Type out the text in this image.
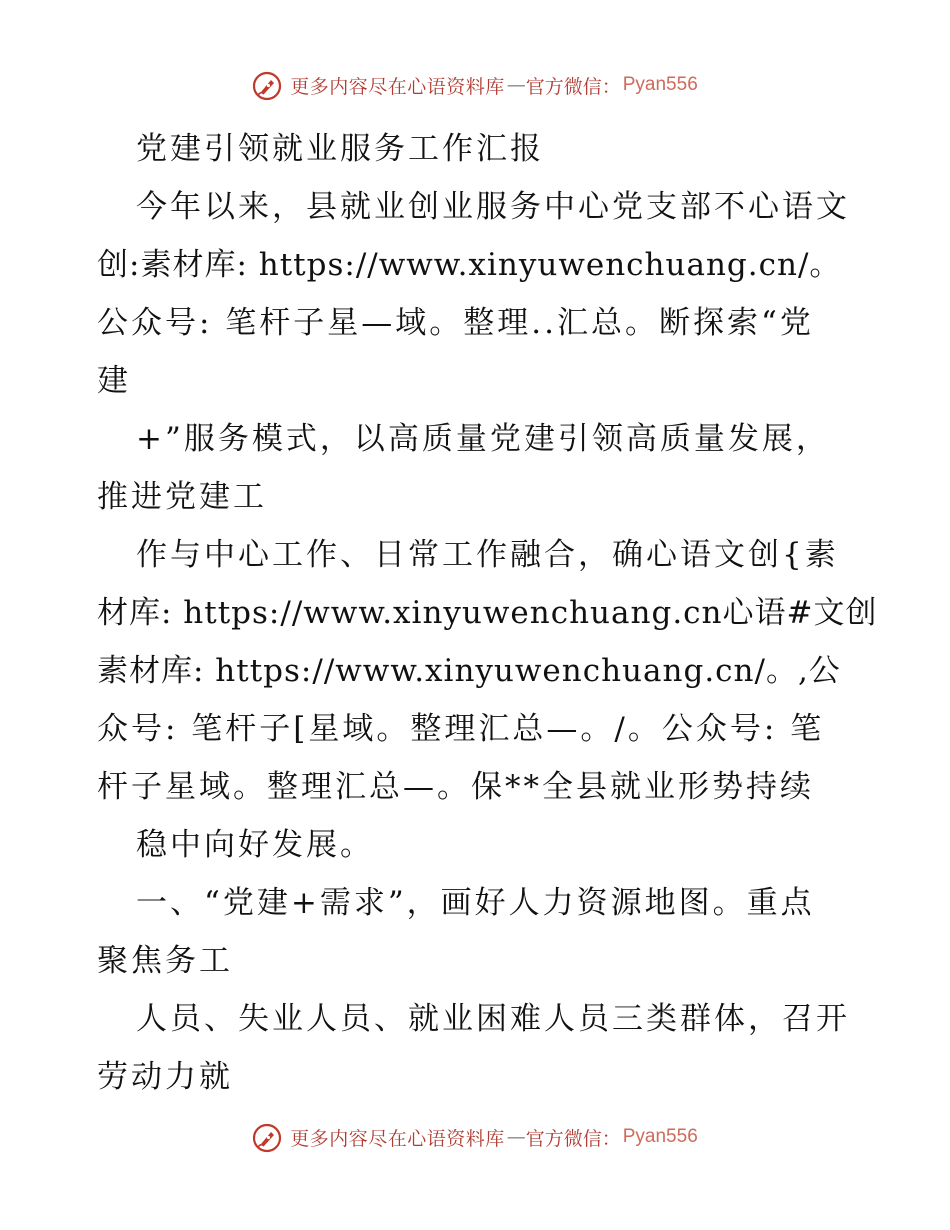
更多内容尽在心语资料库 — 官方微信： Pyan556
党建引领就业服务工作汇报
今年以来，县就业创业服务中心党支部不心语文
创:素材库: https://www.xinyuwenchuang.cn/。
公众号: 笔杆子星—域。整理..汇总。断探索“党
建
+”服务模式，以高质量党建引领高质量发展，
推进党建工
作与中心工作、日常工作融合，确心语文创{素
材库: https://www.xinyuwenchuang.cn心语#文创
素材库: https://www.xinyuwenchuang.cn/。,公
众号: 笔杆子[星域。整理汇总—。/。公众号: 笔
杆子星域。整理汇总—。保**全县就业形势持续
稳中向好发展。
一、“党建+需求”，画好人力资源地图。重点
聚焦务工
人员、失业人员、就业困难人员三类群体，召开
劳动力就
更多内容尽在心语资料库 — 官方微信： Pyan556
